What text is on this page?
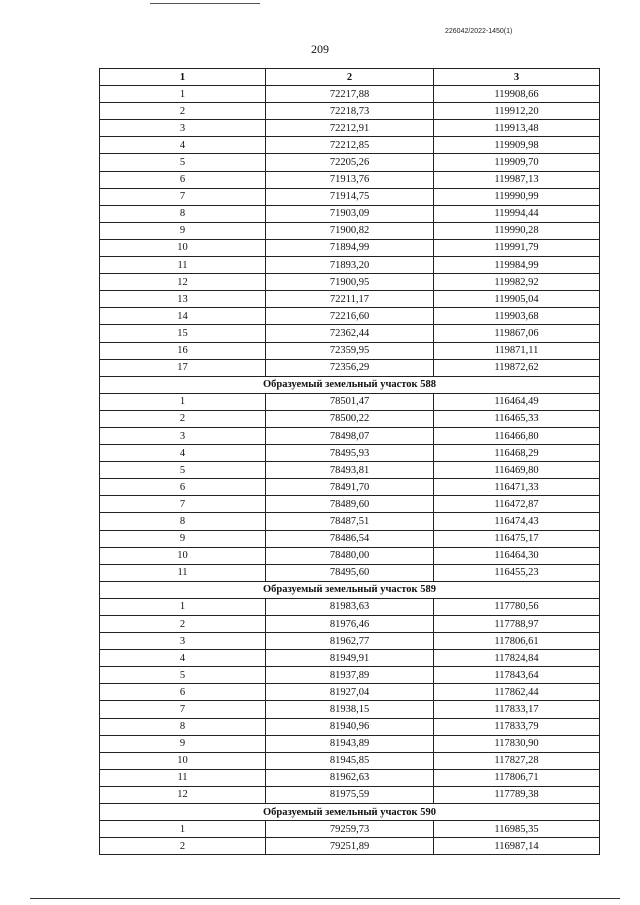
226042/2022-1450(1)
209
1	2	3
1	72217,88	119908,66
2	72218,73	119912,20
3	72212,91	119913,48
4	72212,85	119909,98
5	72205,26	119909,70
6	71913,76	119987,13
7	71914,75	119990,99
8	71903,09	119994,44
9	71900,82	119990,28
10	71894,99	119991,79
11	71893,20	119984,99
12	71900,95	119982,92
13	72211,17	119905,04
14	72216,60	119903,68
15	72362,44	119867,06
16	72359,95	119871,11
17	72356,29	119872,62
Образуемый земельный участок 588		
1	78501,47	116464,49
2	78500,22	116465,33
3	78498,07	116466,80
4	78495,93	116468,29
5	78493,81	116469,80
6	78491,70	116471,33
7	78489,60	116472,87
8	78487,51	116474,43
9	78486,54	116475,17
10	78480,00	116464,30
11	78495,60	116455,23
Образуемый земельный участок 589		
1	81983,63	117780,56
2	81976,46	117788,97
3	81962,77	117806,61
4	81949,91	117824,84
5	81937,89	117843,64
6	81927,04	117862,44
7	81938,15	117833,17
8	81940,96	117833,79
9	81943,89	117830,90
10	81945,85	117827,28
11	81962,63	117806,71
12	81975,59	117789,38
Образуемый земельный участок 590		
1	79259,73	116985,35
2	79251,89	116987,14
